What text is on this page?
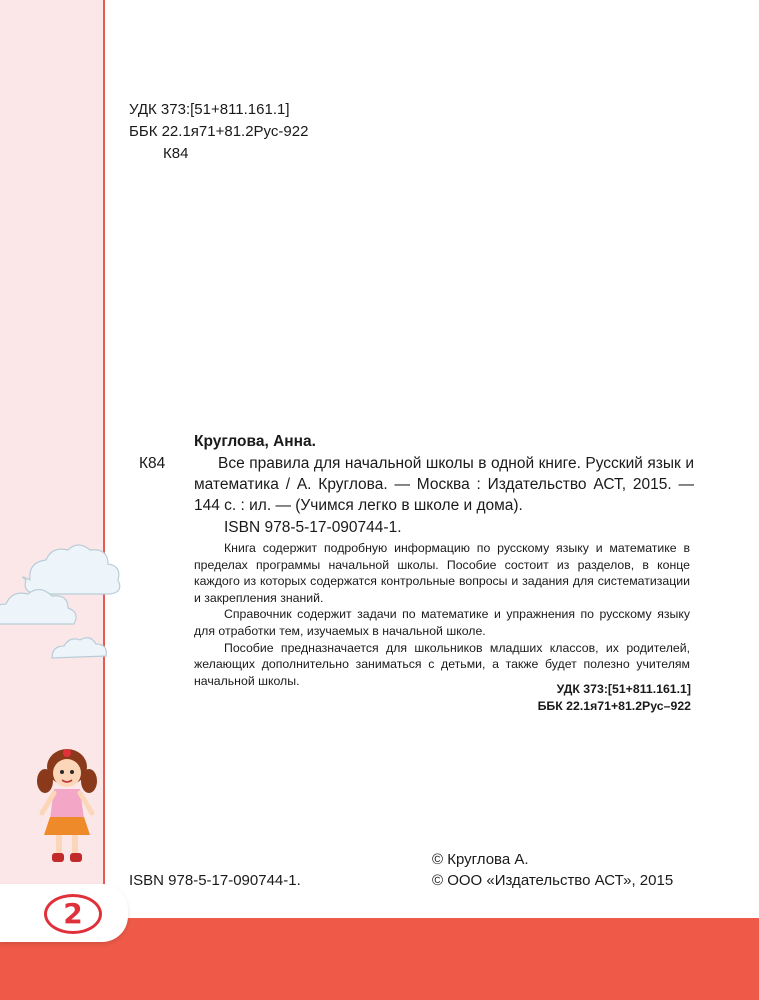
УДК 373:[51+811.161.1]
ББК 22.1я71+81.2Рус-922
К84
Круглова, Анна.
К84	Все правила для начальной школы в одной книге. Русский язык и математика / А. Круглова. — Москва : Издательство АСТ, 2015. — 144 с. : ил. — (Учимся легко в школе и дома).

ISBN 978-5-17-090744-1.

Книга содержит подробную информацию по русскому языку и математике в пределах программы начальной школы. Пособие состоит из разделов, в конце каждого из которых содержатся контрольные вопросы и задания для систематизации и закрепления знаний.

Справочник содержит задачи по математике и упражнения по русскому языку для отработки тем, изучаемых в начальной школе.

Пособие предназначается для школьников младших классов, их родителей, желающих дополнительно заниматься с детьми, а также будет полезно учителям начальной школы.

УДК 373:[51+811.161.1]
ББК 22.1я71+81.2Рус–922
ISBN 978-5-17-090744-1.
© Круглова А.
© ООО «Издательство АСТ», 2015
2
